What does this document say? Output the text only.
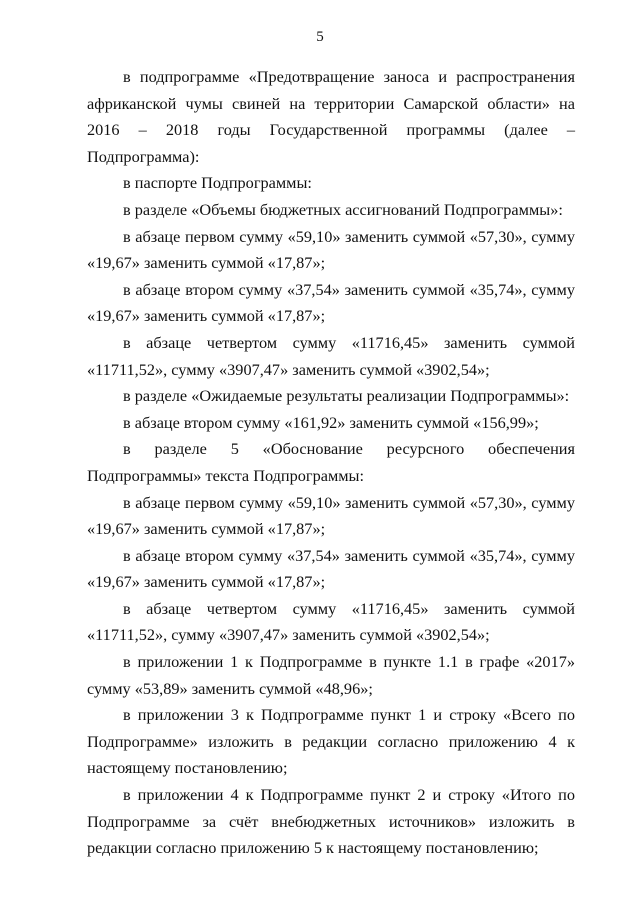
5

в подпрограмме «Предотвращение заноса и распространения африканской чумы свиней на территории Самарской области» на 2016 – 2018 годы Государственной программы (далее – Подпрограмма):

в паспорте Подпрограммы:

в разделе «Объемы бюджетных ассигнований Подпрограммы»:

в абзаце первом сумму «59,10» заменить суммой «57,30», сумму «19,67» заменить суммой «17,87»;

в абзаце втором сумму «37,54» заменить суммой «35,74», сумму «19,67» заменить суммой «17,87»;

в абзаце четвертом сумму «11716,45» заменить суммой «11711,52», сумму «3907,47» заменить суммой «3902,54»;

в разделе «Ожидаемые результаты реализации Подпрограммы»:

в абзаце втором сумму «161,92» заменить суммой «156,99»;

в разделе 5 «Обоснование ресурсного обеспечения Подпрограммы» текста Подпрограммы:

в абзаце первом сумму «59,10» заменить суммой «57,30», сумму «19,67» заменить суммой «17,87»;

в абзаце втором сумму «37,54» заменить суммой «35,74», сумму «19,67» заменить суммой «17,87»;

в абзаце четвертом сумму «11716,45» заменить суммой «11711,52», сумму «3907,47» заменить суммой «3902,54»;

в приложении 1 к Подпрограмме в пункте 1.1 в графе «2017» сумму «53,89» заменить суммой «48,96»;

в приложении 3 к Подпрограмме пункт 1 и строку «Всего по Подпрограмме» изложить в редакции согласно приложению 4 к настоящему постановлению;

в приложении 4 к Подпрограмме пункт 2 и строку «Итого по Подпрограмме за счёт внебюджетных источников» изложить в редакции согласно приложению 5 к настоящему постановлению;
